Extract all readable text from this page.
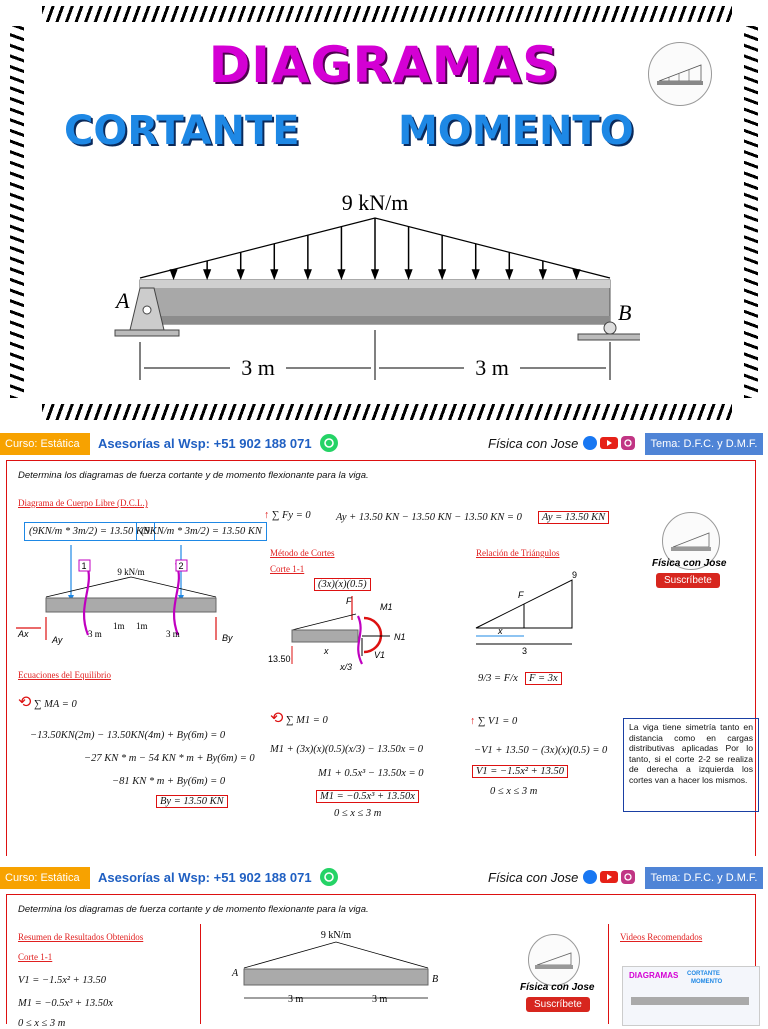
DIAGRAMAS
CORTANTE MOMENTO
9 kN/m
A	B
3 m	3 m
Curso: Estática	Asesorías al Wsp: +51 902 188 071	Física con Jose	Tema: D.F.C. y D.M.F.
Determina los diagramas de fuerza cortante y de momento flexionante para la viga.
Diagrama de Cuerpo Libre (D.C.L.)
(9KN/m * 3m/2) = 13.50 KN
(9KN/m * 3m/2) = 13.50 KN
9 kN/m
1	2
Ax
Ay	By
3 m	3 m
1m 1m
↑ ∑ Fy = 0 Ay + 13.50 KN − 13.50 KN − 13.50 KN = 0	Ay = 13.50 KN
Ecuaciones del Equilibrio
⟲ ∑ MA = 0
−13.50KN(2m) − 13.50KN(4m) + By(6m) = 0
−27 KN * m − 54 KN * m + By(6m) = 0
−81 KN * m + By(6m) = 0
By = 13.50 KN
Método de Cortes
Corte 1-1
(3x)(x)(0.5)
F
M1
N1
V1
13.50
x
x/3
Relación de Triángulos
9
F
x
3
9/3 = F/x	F = 3x
⟲ ∑ M1 = 0
M1 + (3x)(x)(0.5)(x/3) − 13.50x = 0
M1 + 0.5x³ − 13.50x = 0
M1 = −0.5x³ + 13.50x
0 ≤ x ≤ 3 m
↑ ∑ V1 = 0
−V1 + 13.50 − (3x)(x)(0.5) = 0
V1 = −1.5x² + 13.50
0 ≤ x ≤ 3 m
La viga tiene simetría tanto en distancia como en cargas distributivas aplicadas Por lo tanto, si el corte 2-2 se realiza de derecha a izquierda los cortes van a hacer los mismos.
Física con Jose
Suscríbete
Curso: Estática	Asesorías al Wsp: +51 902 188 071	Física con Jose	Tema: D.F.C. y D.M.F.
Determina los diagramas de fuerza cortante y de momento flexionante para la viga.
Resumen de Resultados Obtenidos
Corte 1-1
V1 = −1.5x² + 13.50
M1 = −0.5x³ + 13.50x
0 ≤ x ≤ 3 m
9 kN/m
A
B
3 m	3 m
Física con Jose
Suscríbete
Videos Recomendados
DIAGRAMAS CORTANTE
MOMENTO
